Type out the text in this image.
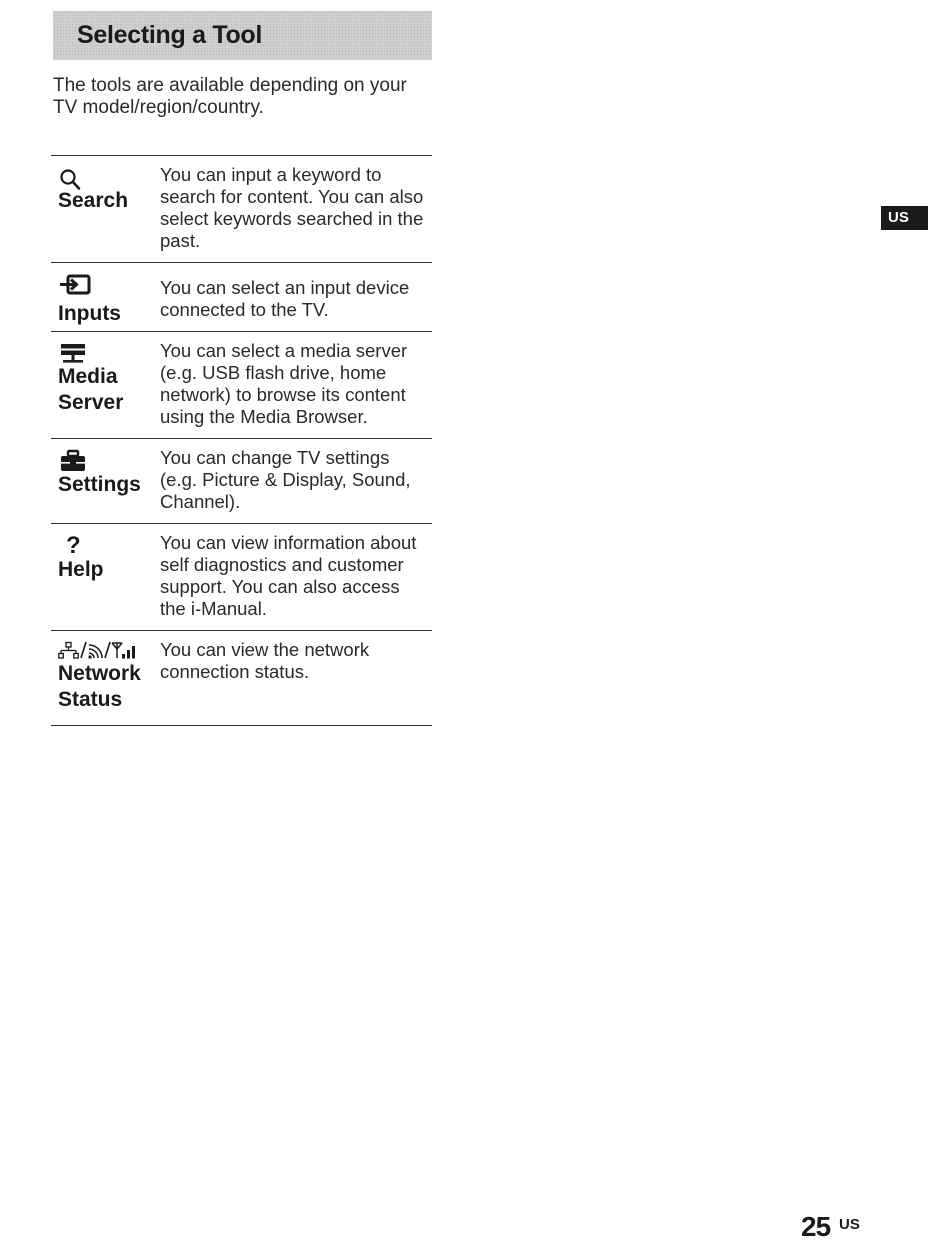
Selecting a Tool
The tools are available depending on your TV model/region/country.
Search
You can input a keyword to search for content. You can also select keywords searched in the past.
Inputs
You can select an input device connected to the TV.
Media
Server
You can select a media server (e.g. USB flash drive, home network) to browse its content using the Media Browser.
Settings
You can change TV settings (e.g. Picture & Display, Sound, Channel).
?
Help
You can view information about self diagnostics and customer support. You can also access the i-Manual.
Network
Status
You can view the network connection status.
US
25 US
